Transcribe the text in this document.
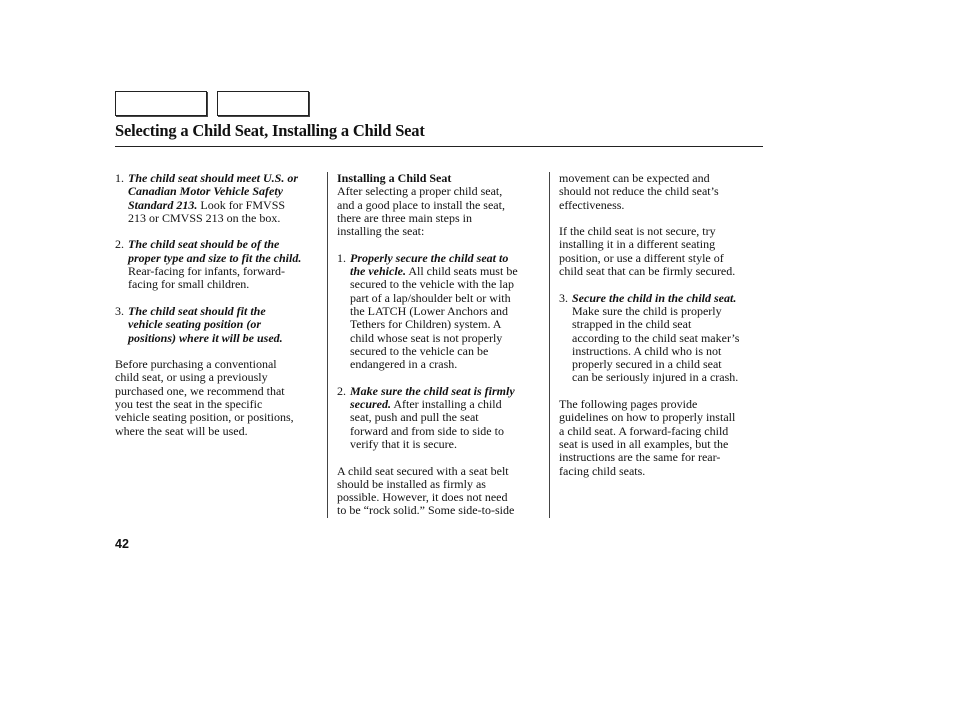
Selecting a Child Seat, Installing a Child Seat
1. The child seat should meet U.S. or
Canadian Motor Vehicle Safety
Standard 213. Look for FMVSS
213 or CMVSS 213 on the box.
2. The child seat should be of the
proper type and size to fit the child.
Rear-facing for infants, forward-
facing for small children.
3. The child seat should fit the
vehicle seating position (or
positions) where it will be used.
Before purchasing a conventional
child seat, or using a previously
purchased one, we recommend that
you test the seat in the specific
vehicle seating position, or positions,
where the seat will be used.
Installing a Child Seat
After selecting a proper child seat,
and a good place to install the seat,
there are three main steps in
installing the seat:
1. Properly secure the child seat to
the vehicle. All child seats must be
secured to the vehicle with the lap
part of a lap/shoulder belt or with
the LATCH (Lower Anchors and
Tethers for Children) system. A
child whose seat is not properly
secured to the vehicle can be
endangered in a crash.
2. Make sure the child seat is firmly
secured. After installing a child
seat, push and pull the seat
forward and from side to side to
verify that it is secure.
A child seat secured with a seat belt
should be installed as firmly as
possible. However, it does not need
to be “rock solid.” Some side-to-side
movement can be expected and
should not reduce the child seat’s
effectiveness.
If the child seat is not secure, try
installing it in a different seating
position, or use a different style of
child seat that can be firmly secured.
3. Secure the child in the child seat.
Make sure the child is properly
strapped in the child seat
according to the child seat maker’s
instructions. A child who is not
properly secured in a child seat
can be seriously injured in a crash.
The following pages provide
guidelines on how to properly install
a child seat. A forward-facing child
seat is used in all examples, but the
instructions are the same for rear-
facing child seats.
42
